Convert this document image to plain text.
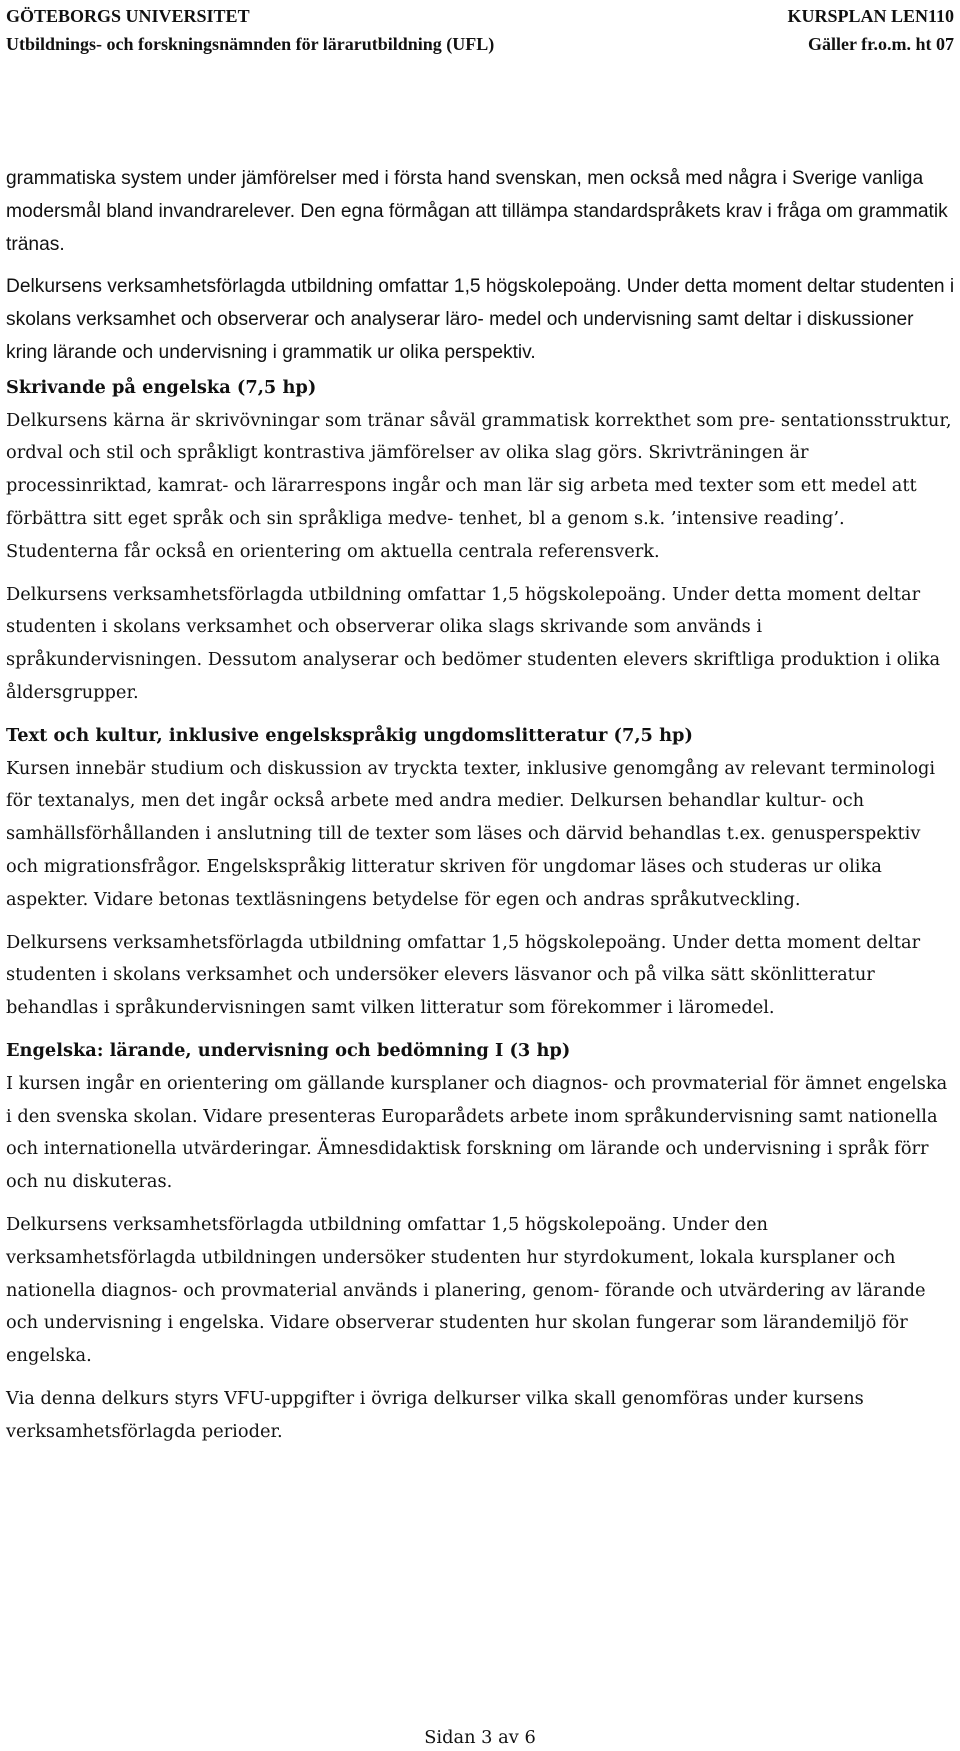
GÖTEBORGS UNIVERSITET	KURSPLAN LEN110
Utbildnings- och forskningsnämnden för lärarutbildning (UFL)	Gäller fr.o.m. ht 07

grammatiska system under jämförelser med i första hand svenskan, men också med några i Sverige vanliga modersmål bland invandrarelever. Den egna förmågan att tillämpa standardspråkets krav i fråga om grammatik tränas.

Delkursens verksamhetsförlagda utbildning omfattar 1,5 högskolepoäng. Under detta moment deltar studenten i skolans verksamhet och observerar och analyserar läro- medel och undervisning samt deltar i diskussioner kring lärande och undervisning i grammatik ur olika perspektiv.

Skrivande på engelska (7,5 hp)

Delkursens kärna är skrivövningar som tränar såväl grammatisk korrekthet som pre- sentationsstruktur, ordval och stil och språkligt kontrastiva jämförelser av olika slag görs. Skrivträningen är processinriktad, kamrat- och lärarrespons ingår och man lär sig arbeta med texter som ett medel att förbättra sitt eget språk och sin språkliga medve- tenhet, bl a genom s.k. ’intensive reading’. Studenterna får också en orientering om aktuella centrala referensverk.

Delkursens verksamhetsförlagda utbildning omfattar 1,5 högskolepoäng. Under detta moment deltar studenten i skolans verksamhet och observerar olika slags skrivande som används i språkundervisningen. Dessutom analyserar och bedömer studenten elevers skriftliga produktion i olika åldersgrupper.

Text och kultur, inklusive engelskspråkig ungdomslitteratur (7,5 hp)

Kursen innebär studium och diskussion av tryckta texter, inklusive genomgång av relevant terminologi för textanalys, men det ingår också arbete med andra medier. Delkursen behandlar kultur- och samhällsförhållanden i anslutning till de texter som läses och därvid behandlas t.ex. genusperspektiv och migrationsfrågor. Engelskspråkig litteratur skriven för ungdomar läses och studeras ur olika aspekter. Vidare betonas textläsningens betydelse för egen och andras språkutveckling.

Delkursens verksamhetsförlagda utbildning omfattar 1,5 högskolepoäng. Under detta moment deltar studenten i skolans verksamhet och undersöker elevers läsvanor och på vilka sätt skönlitteratur behandlas i språkundervisningen samt vilken litteratur som förekommer i läromedel.

Engelska: lärande, undervisning och bedömning I (3 hp)

I kursen ingår en orientering om gällande kursplaner och diagnos- och provmaterial för ämnet engelska i den svenska skolan. Vidare presenteras Europarådets arbete inom språkundervisning samt nationella och internationella utvärderingar. Ämnesdidaktisk forskning om lärande och undervisning i språk förr och nu diskuteras.

Delkursens verksamhetsförlagda utbildning omfattar 1,5 högskolepoäng. Under den verksamhetsförlagda utbildningen undersöker studenten hur styrdokument, lokala kursplaner och nationella diagnos- och provmaterial används i planering, genom- förande och utvärdering av lärande och undervisning i engelska. Vidare observerar studenten hur skolan fungerar som lärandemiljö för engelska.

Via denna delkurs styrs VFU-uppgifter i övriga delkurser vilka skall genomföras under kursens verksamhetsförlagda perioder.

Sidan 3 av 6
